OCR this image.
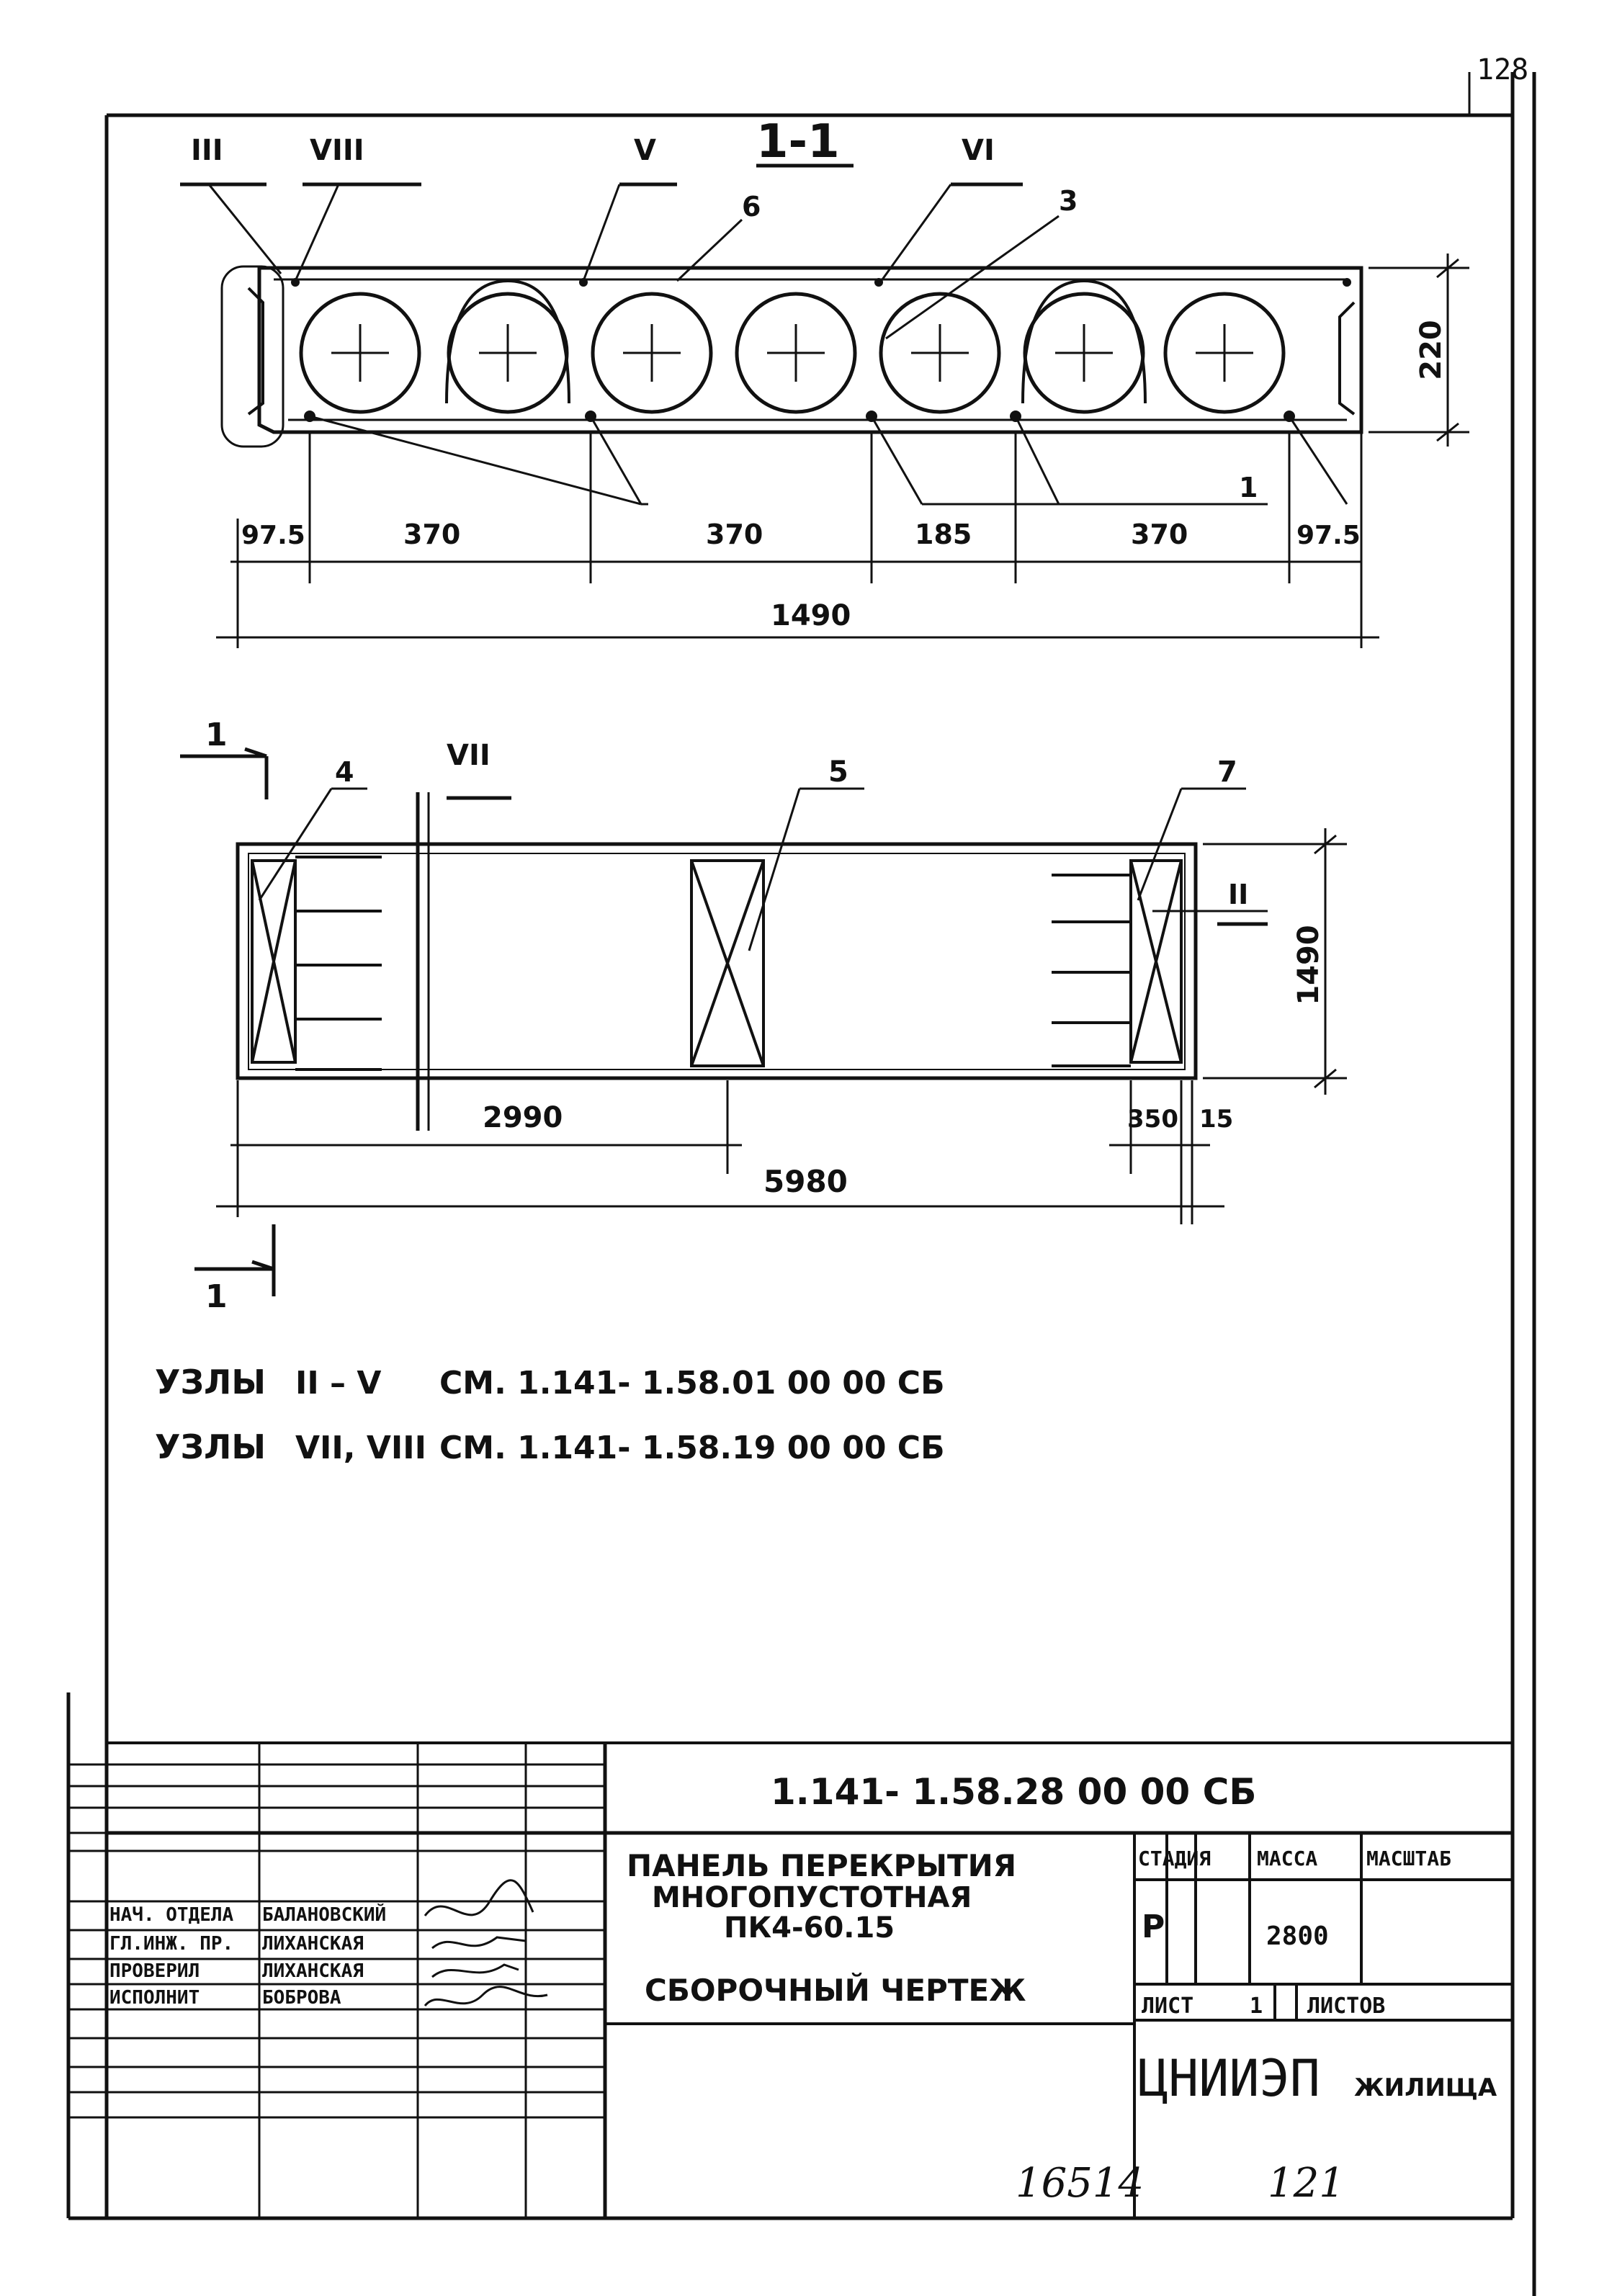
128
1-1
III	VIII	V	VI
6	3
1
220
97.5	370	370	185	370	97.5
1490
1
1
VII
4	5	7
II
1490
2990	350 15
5980
УЗЛЫ II – V СМ. 1.141- 1.58.01 00 00 СБ
УЗЛЫ VII, VIII СМ. 1.141- 1.58.19 00 00 СБ
НАЧ. ОТДЕЛА БАЛАНОВСКИЙ
ГЛ.ИНЖ. ПР. ЛИХАНСКАЯ
ПРОВЕРИЛ	ЛИХАНСКАЯ
ИСПОЛНИТ	БОБРОВА
1.141- 1.58.28 00 00 СБ
ПАНЕЛЬ ПЕРЕКРЫТИЯ
МНОГОПУСТОТНАЯ
ПК4-60.15
СБОРОЧНЫЙ ЧЕРТЕЖ
СТАДИЯ МАССА МАСШТАБ
Р	2800
ЛИСТ	1 ЛИСТОВ
ЦНИИЭП ЖИЛИЩА
16514	121
